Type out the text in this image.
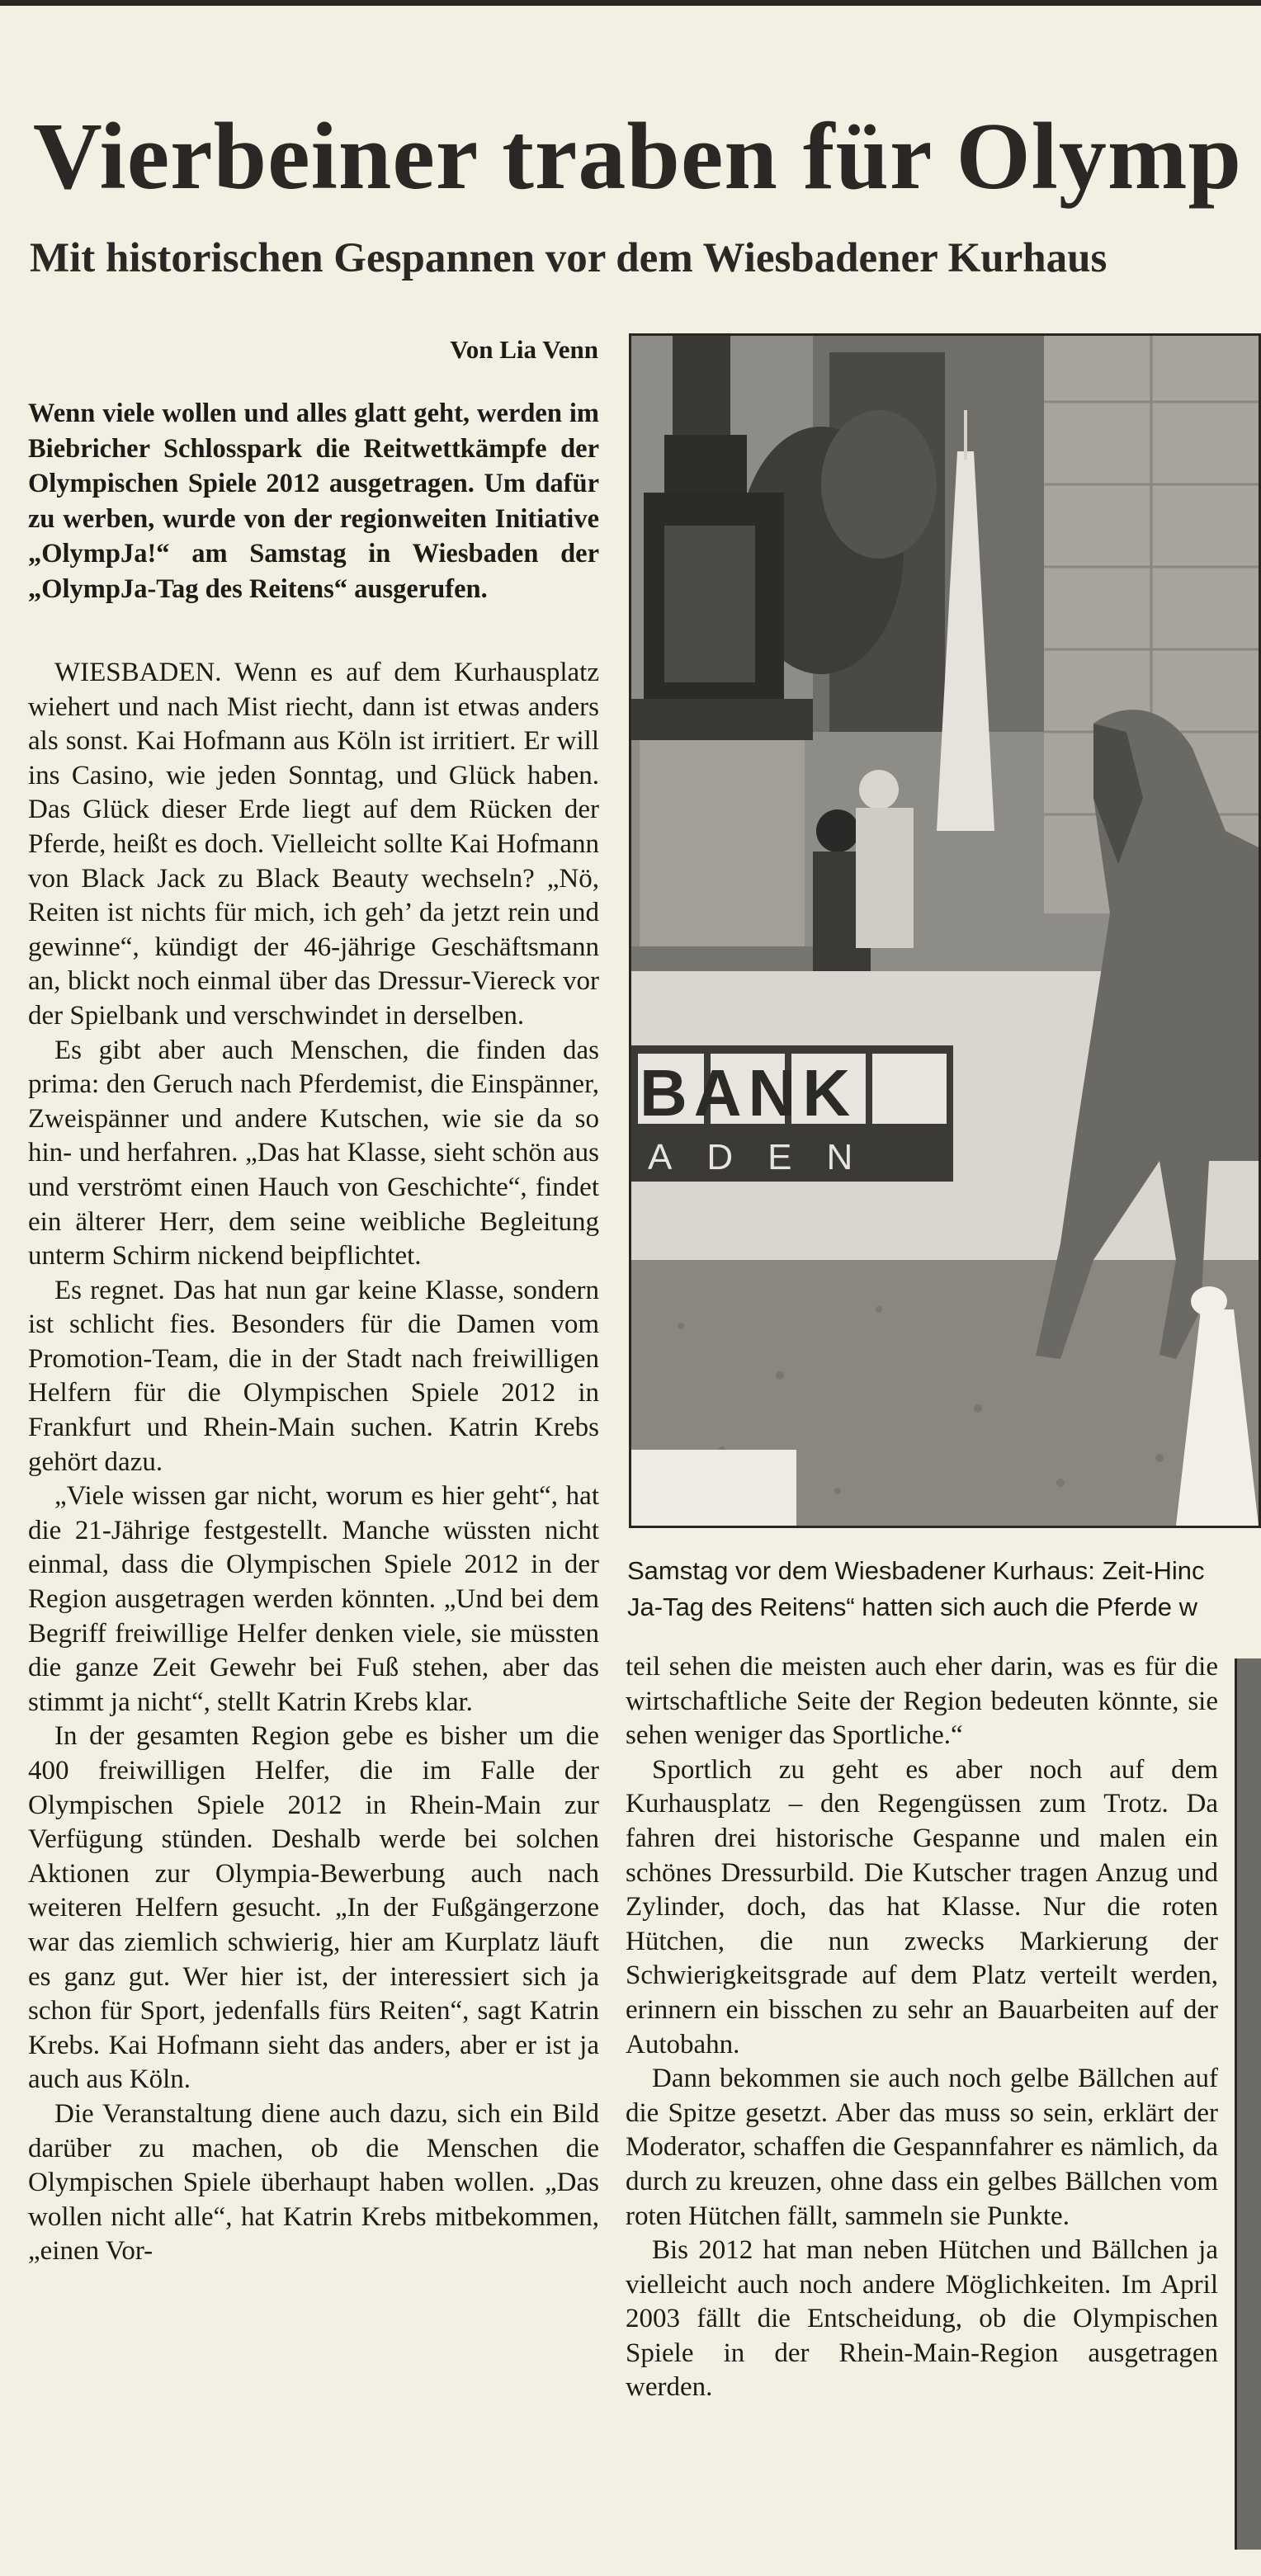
Vierbeiner traben für Olymp
Mit historischen Gespannen vor dem Wiesbadener Kurhaus
Von Lia Venn
Wenn viele wollen und alles glatt geht, werden im Biebricher Schlosspark die Reitwettkämpfe der Olympischen Spiele 2012 ausgetragen. Um dafür zu werben, wurde von der regionweiten Initiative „OlympJa!“ am Samstag in Wiesbaden der „OlympJa-Tag des Reitens“ ausgerufen.

WIESBADEN. Wenn es auf dem Kurhausplatz wiehert und nach Mist riecht, dann ist etwas anders als sonst. Kai Hofmann aus Köln ist irritiert. Er will ins Casino, wie jeden Sonntag, und Glück haben. Das Glück dieser Erde liegt auf dem Rücken der Pferde, heißt es doch. Vielleicht sollte Kai Hofmann von Black Jack zu Black Beauty wechseln? „Nö, Reiten ist nichts für mich, ich geh’ da jetzt rein und gewinne“, kündigt der 46-jährige Geschäftsmann an, blickt noch einmal über das Dressur-Viereck vor der Spielbank und verschwindet in derselben.

Es gibt aber auch Menschen, die finden das prima: den Geruch nach Pferdemist, die Einspänner, Zweispänner und andere Kutschen, wie sie da so hin- und herfahren. „Das hat Klasse, sieht schön aus und verströmt einen Hauch von Geschichte“, findet ein älterer Herr, dem seine weibliche Begleitung unterm Schirm nickend beipflichtet.

Es regnet. Das hat nun gar keine Klasse, sondern ist schlicht fies. Besonders für die Damen vom Promotion-Team, die in der Stadt nach freiwilligen Helfern für die Olympischen Spiele 2012 in Frankfurt und Rhein-Main suchen. Katrin Krebs gehört dazu.

„Viele wissen gar nicht, worum es hier geht“, hat die 21-Jährige festgestellt. Manche wüssten nicht einmal, dass die Olympischen Spiele 2012 in der Region ausgetragen werden könnten. „Und bei dem Begriff freiwillige Helfer denken viele, sie müssten die ganze Zeit Gewehr bei Fuß stehen, aber das stimmt ja nicht“, stellt Katrin Krebs klar.

In der gesamten Region gebe es bisher um die 400 freiwilligen Helfer, die im Falle der Olympischen Spiele 2012 in Rhein-Main zur Verfügung stünden. Deshalb werde bei solchen Aktionen zur Olympia-Bewerbung auch nach weiteren Helfern gesucht. „In der Fußgängerzone war das ziemlich schwierig, hier am Kurplatz läuft es ganz gut. Wer hier ist, der interessiert sich ja schon für Sport, jedenfalls fürs Reiten“, sagt Katrin Krebs. Kai Hofmann sieht das anders, aber er ist ja auch aus Köln.

Die Veranstaltung diene auch dazu, sich ein Bild darüber zu machen, ob die Menschen die Olympischen Spiele überhaupt haben wollen. „Das wollen nicht alle“, hat Katrin Krebs mitbekommen, „einen Vor-

BANK
ADEN
Samstag vor dem Wiesbadener Kurhaus: Zeit-Hinc
Ja-Tag des Reitens“ hatten sich auch die Pferde w

teil sehen die meisten auch eher darin, was es für die wirtschaftliche Seite der Region bedeuten könnte, sie sehen weniger das Sportliche.“

Sportlich zu geht es aber noch auf dem Kurhausplatz – den Regengüssen zum Trotz. Da fahren drei historische Gespanne und malen ein schönes Dressurbild. Die Kutscher tragen Anzug und Zylinder, doch, das hat Klasse. Nur die roten Hütchen, die nun zwecks Markierung der Schwierigkeitsgrade auf dem Platz verteilt werden, erinnern ein bisschen zu sehr an Bauarbeiten auf der Autobahn.

Dann bekommen sie auch noch gelbe Bällchen auf die Spitze gesetzt. Aber das muss so sein, erklärt der Moderator, schaffen die Gespannfahrer es nämlich, da durch zu kreuzen, ohne dass ein gelbes Bällchen vom roten Hütchen fällt, sammeln sie Punkte.

Bis 2012 hat man neben Hütchen und Bällchen ja vielleicht auch noch andere Möglichkeiten. Im April 2003 fällt die Entscheidung, ob die Olympischen Spiele in der Rhein-Main-Region ausgetragen werden.
